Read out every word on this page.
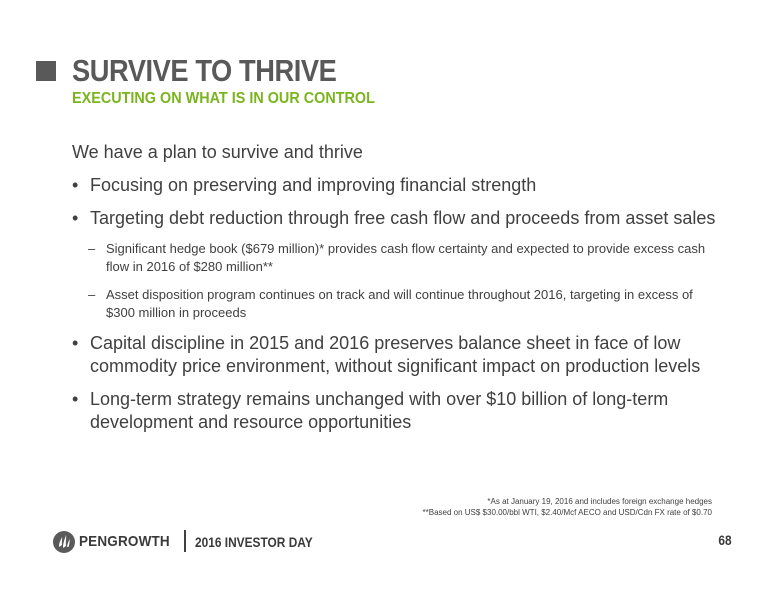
SURVIVE TO THRIVE
EXECUTING ON WHAT IS IN OUR CONTROL

We have a plan to survive and thrive

• Focusing on preserving and improving financial strength
• Targeting debt reduction through free cash flow and proceeds from asset sales
– Significant hedge book ($679 million)* provides cash flow certainty and expected to provide excess cash flow in 2016 of $280 million**
– Asset disposition program continues on track and will continue throughout 2016, targeting in excess of $300 million in proceeds
• Capital discipline in 2015 and 2016 preserves balance sheet in face of low commodity price environment, without significant impact on production levels
• Long-term strategy remains unchanged with over $10 billion of long-term development and resource opportunities
*As at January 19, 2016 and includes foreign exchange hedges
**Based on US$ $30.00/bbl WTI, $2.40/Mcf AECO and USD/Cdn FX rate of $0.70
PENGROWTH 2016 INVESTOR DAY	68
